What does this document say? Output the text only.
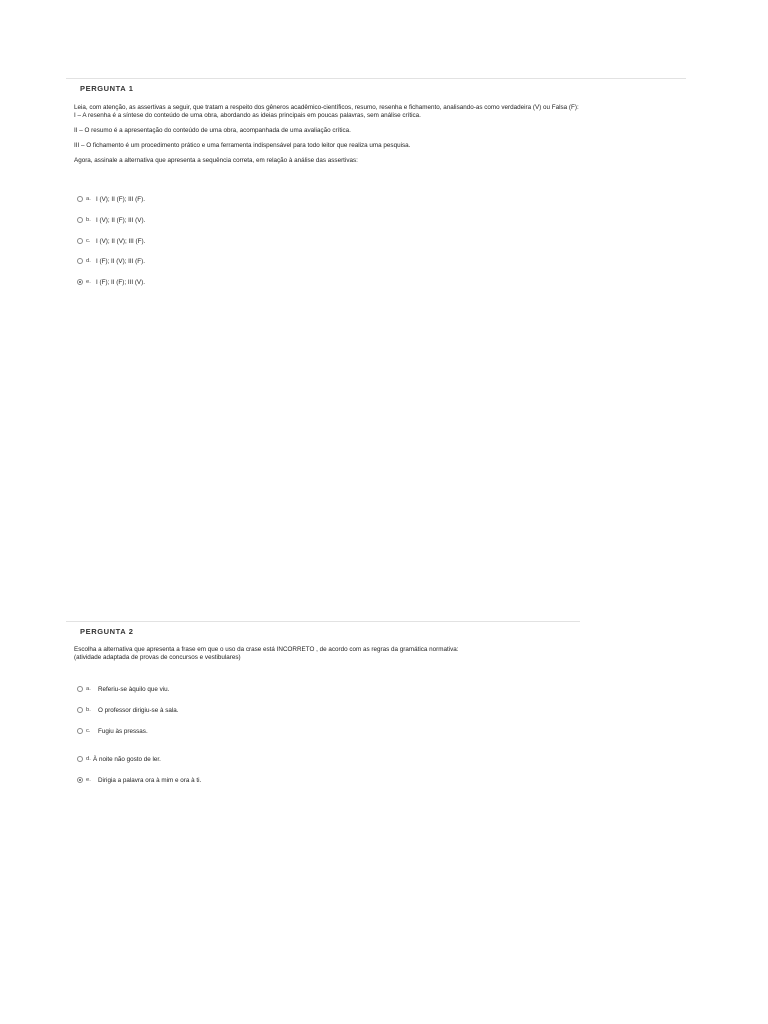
PERGUNTA 1
Leia, com atenção, as assertivas a seguir, que tratam a respeito dos gêneros acadêmico-científicos, resumo, resenha e fichamento, analisando-as como verdadeira (V) ou Falsa (F):
I – A resenha é a síntese do conteúdo de uma obra, abordando as ideias principais em poucas palavras, sem análise crítica.
II – O resumo é a apresentação do conteúdo de uma obra, acompanhada de uma avaliação crítica.
III – O fichamento é um procedimento prático e uma ferramenta indispensável para todo leitor que realiza uma pesquisa.
Agora, assinale a alternativa que apresenta a sequência correta, em relação à análise das assertivas:
a. I (V); II (F); III (F).
b. I (V); II (F); III (V).
c. I (V); II (V); III (F).
d. I (F); II (V); III (F).
e. I (F); II (F); III (V).
PERGUNTA 2
Escolha a alternativa que apresenta a frase em que o uso da crase está INCORRETO , de acordo com as regras da gramática normativa:
(atividade adaptada de provas de concursos e vestibulares)
a.	Referiu-se àquilo que viu.
b.	O professor dirigiu-se à sala.
c.	Fugiu às pressas.
d. À noite não gosto de ler.
e.	Dirigia a palavra ora à mim e ora à ti.
